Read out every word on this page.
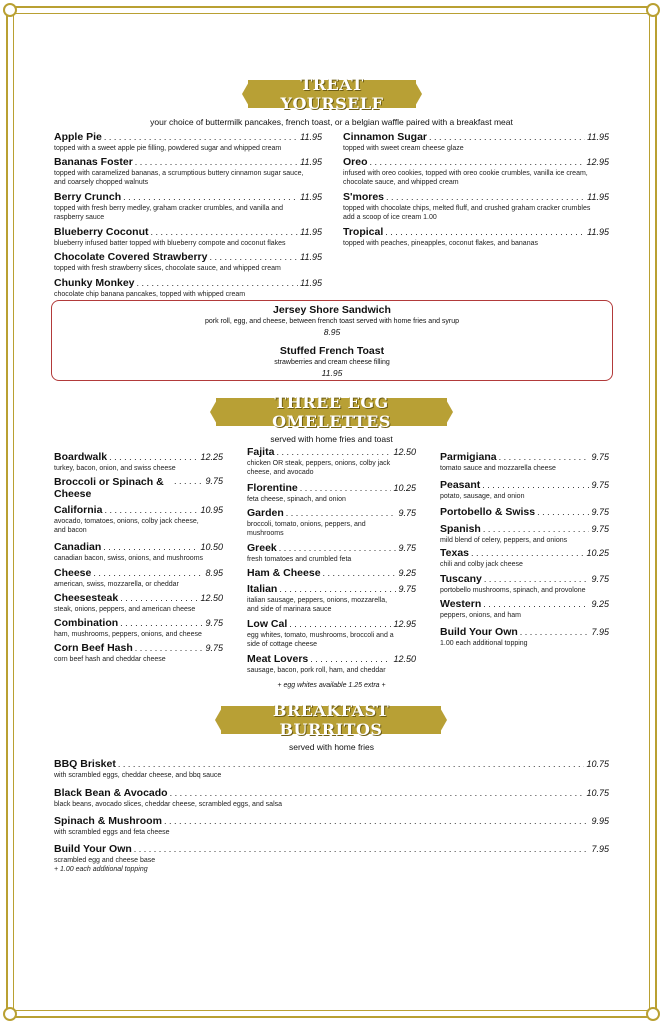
TREAT YOURSELF
your choice of buttermilk pancakes, french toast, or a belgian waffle paired with a breakfast meat
Apple Pie . . .	11.95
topped with a sweet apple pie filling, powdered sugar and whipped cream
Bananas Foster . . .	11.95
topped with caramelized bananas, a scrumptious buttery cinnamon sugar sauce, and coarsely chopped walnuts
Berry Crunch . . .	11.95
topped with fresh berry medley, graham cracker crumbles, and vanilla and raspberry sauce
Blueberry Coconut . . .	11.95
blueberry infused batter topped with blueberry compote and coconut flakes
Chocolate Covered Strawberry . . .	11.95
topped with fresh strawberry slices, chocolate sauce, and whipped cream
Chunky Monkey . . .	11.95
chocolate chip banana pancakes, topped with whipped cream
Cinnamon Sugar . . .	11.95
topped with sweet cream cheese glaze
Oreo . . .	12.95
infused with oreo cookies, topped with oreo cookie crumbles, vanilla ice cream, chocolate sauce, and whipped cream
S'mores . . .	11.95
topped with chocolate chips, melted fluff, and crushed graham cracker crumbles add a scoop of ice cream 1.00
Tropical . . .	11.95
topped with peaches, pineapples, coconut flakes, and bananas
Jersey Shore Sandwich
pork roll, egg, and cheese, between french toast served with home fries and syrup
8.95
Stuffed French Toast
strawberries and cream cheese filling
11.95
THREE EGG OMELETTES
served with home fries and toast
Boardwalk . . .	12.25
turkey, bacon, onion, and swiss cheese
Broccoli or Spinach & Cheese
. . .
9.75
California . . .	10.95
avocado, tomatoes, onions, colby jack cheese, and bacon
Canadian . . .	10.50
canadian bacon, swiss, onions, and mushrooms
Cheese . . .	8.95
american, swiss, mozzarella, or cheddar
Cheesesteak . . .	12.50
steak, onions, peppers, and american cheese
Combination . . .	9.75
ham, mushrooms, peppers, onions, and cheese
Corn Beef Hash . . .	9.75
corn beef hash and cheddar cheese
Fajita . . .	12.50
chicken OR steak, peppers, onions, colby jack cheese, and avocado
Florentine . . .	10.25
feta cheese, spinach, and onion
Garden . . .	9.75
broccoli, tomato, onions, peppers, and mushrooms
Greek . . .	9.75
fresh tomatoes and crumbled feta
Ham & Cheese . . .	9.25
Italian . . .	9.75
italian sausage, peppers, onions, mozzarella, and side of marinara sauce
Low Cal . . .	12.95
egg whites, tomato, mushrooms, broccoli and a side of cottage cheese
Meat Lovers . . .	12.50
sausage, bacon, pork roll, ham, and cheddar
+ egg whites available 1.25 extra +
Parmigiana . . .	9.75
tomato sauce and mozzarella cheese
Peasant . . .	9.75
potato, sausage, and onion
Portobello & Swiss . . .	9.75
Spanish . . .	9.75
mild blend of celery, peppers, and onions
Texas . . .	10.25
chili and colby jack cheese
Tuscany . . .	9.75
portobello mushrooms, spinach, and provolone
Western . . .	9.25
peppers, onions, and ham
Build Your Own . . .	7.95
1.00 each additional topping
BREAKFAST BURRITOS
served with home fries
BBQ Brisket . . .	10.75
with scrambled eggs, cheddar cheese, and bbq sauce
Black Bean & Avocado . . .	10.75
black beans, avocado slices, cheddar cheese, scrambled eggs, and salsa
Spinach & Mushroom . . .	9.95
with scrambled eggs and feta cheese
Build Your Own . . .	7.95
scrambled egg and cheese base
+ 1.00 each additional topping
